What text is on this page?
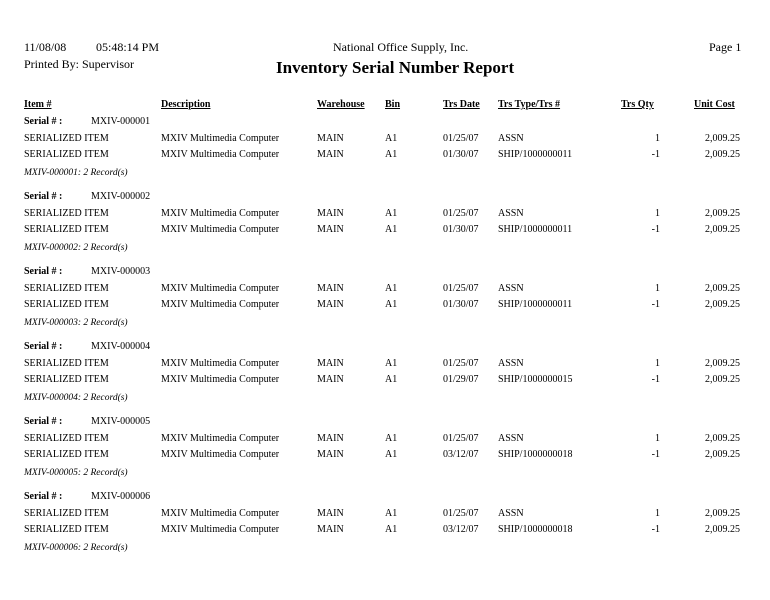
11/08/08 05:48:14 PM
Printed By: Supervisor
National Office Supply, Inc.	Page 1
Inventory Serial Number Report
Item #	Description	Warehouse Bin	Trs Date Trs Type/Trs #	Trs Qty	Unit Cost
Serial # :	MXIV-000001
SERIALIZED ITEM	MXIV Multimedia Computer	MAIN	A1	01/25/07 ASSN	1	2,009.25
SERIALIZED ITEM	MXIV Multimedia Computer	MAIN	A1	01/30/07 SHIP/1000000011	-1	2,009.25
MXIV-000001: 2 Record(s)
Serial # :	MXIV-000002
SERIALIZED ITEM	MXIV Multimedia Computer	MAIN	A1	01/25/07 ASSN	1	2,009.25
SERIALIZED ITEM	MXIV Multimedia Computer	MAIN	A1	01/30/07 SHIP/1000000011	-1	2,009.25
MXIV-000002: 2 Record(s)
Serial # :	MXIV-000003
SERIALIZED ITEM	MXIV Multimedia Computer	MAIN	A1	01/25/07 ASSN	1	2,009.25
SERIALIZED ITEM	MXIV Multimedia Computer	MAIN	A1	01/30/07 SHIP/1000000011	-1	2,009.25
MXIV-000003: 2 Record(s)
Serial # :	MXIV-000004
SERIALIZED ITEM	MXIV Multimedia Computer	MAIN	A1	01/25/07 ASSN	1	2,009.25
SERIALIZED ITEM	MXIV Multimedia Computer	MAIN	A1	01/29/07 SHIP/1000000015	-1	2,009.25
MXIV-000004: 2 Record(s)
Serial # :	MXIV-000005
SERIALIZED ITEM	MXIV Multimedia Computer	MAIN	A1	01/25/07 ASSN	1	2,009.25
SERIALIZED ITEM	MXIV Multimedia Computer	MAIN	A1	03/12/07 SHIP/1000000018	-1	2,009.25
MXIV-000005: 2 Record(s)
Serial # :	MXIV-000006
SERIALIZED ITEM	MXIV Multimedia Computer	MAIN	A1	01/25/07 ASSN	1	2,009.25
SERIALIZED ITEM	MXIV Multimedia Computer	MAIN	A1	03/12/07 SHIP/1000000018	-1	2,009.25
MXIV-000006: 2 Record(s)
